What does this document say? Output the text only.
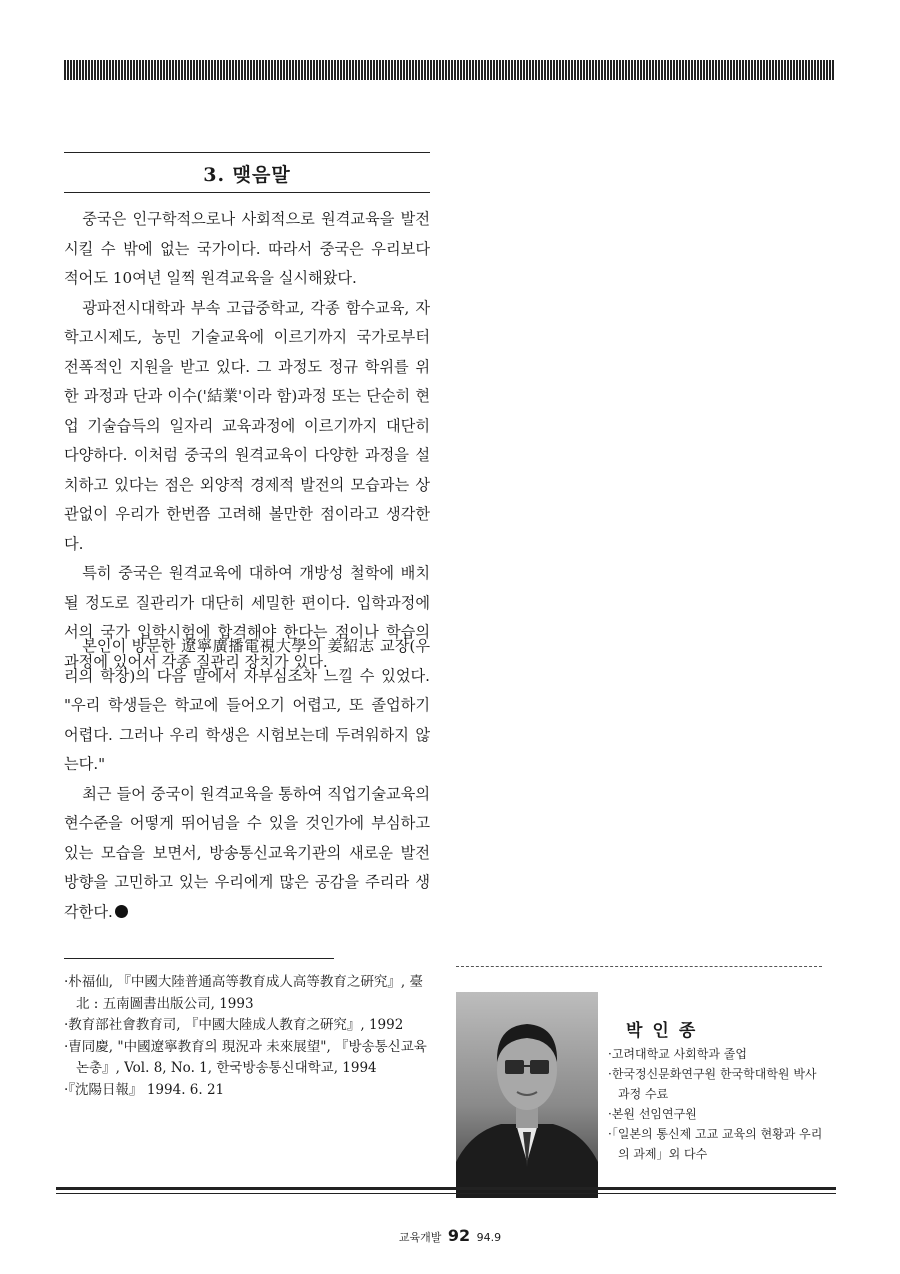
3. 맺음말

중국은 인구학적으로나 사회적으로 원격교육을 발전시킬 수 밖에 없는 국가이다. 따라서 중국은 우리보다 적어도 10여년 일찍 원격교육을 실시해왔다.

광파전시대학과 부속 고급중학교, 각종 함수교육, 자학고시제도, 농민 기술교육에 이르기까지 국가로부터 전폭적인 지원을 받고 있다. 그 과정도 정규 학위를 위한 과정과 단과 이수('結業'이라 함)과정 또는 단순히 현업 기술습득의 일자리 교육과정에 이르기까지 대단히 다양하다. 이처럼 중국의 원격교육이 다양한 과정을 설치하고 있다는 점은 외양적 경제적 발전의 모습과는 상관없이 우리가 한번쯤 고려해 볼만한 점이라고 생각한다.

특히 중국은 원격교육에 대하여 개방성 철학에 배치될 정도로 질관리가 대단히 세밀한 편이다. 입학과정에서의 국가 입학시험에 합격해야 한다는 점이나 학습의 과정에 있어서 각종 질관리 장치가 있다.

본인이 방문한 遼寧廣播電視大學의 姜紹志 교장(우리의 학장)의 다음 말에서 자부심조차 느낄 수 있었다. "우리 학생들은 학교에 들어오기 어렵고, 또 졸업하기 어렵다. 그러나 우리 학생은 시험보는데 두려워하지 않는다."

최근 들어 중국이 원격교육을 통하여 직업기술교육의 현수준을 어떻게 뛰어넘을 수 있을 것인가에 부심하고 있는 모습을 보면서, 방송통신교육기관의 새로운 발전 방향을 고민하고 있는 우리에게 많은 공감을 주리라 생각한다.

·朴福仙, 『中國大陸普通高等教育成人高等教育之硏究』, 臺北 : 五南圖書出版公司, 1993
·教育部社會教育司, 『中國大陸成人教育之硏究』, 1992
·曺同慶, "中國遼寧教育의 現況과 未來展望", 『방송통신교육논총』, Vol. 8, No. 1, 한국방송통신대학교, 1994
·『沈陽日報』 1994. 6. 21
박인종
·고려대학교 사회학과 졸업
·한국정신문화연구원 한국학대학원 박사과정 수료
·본원 선임연구원
·「일본의 통신제 고교 교육의 현황과 우리의 과제」외 다수
교육개발 92 94.9
